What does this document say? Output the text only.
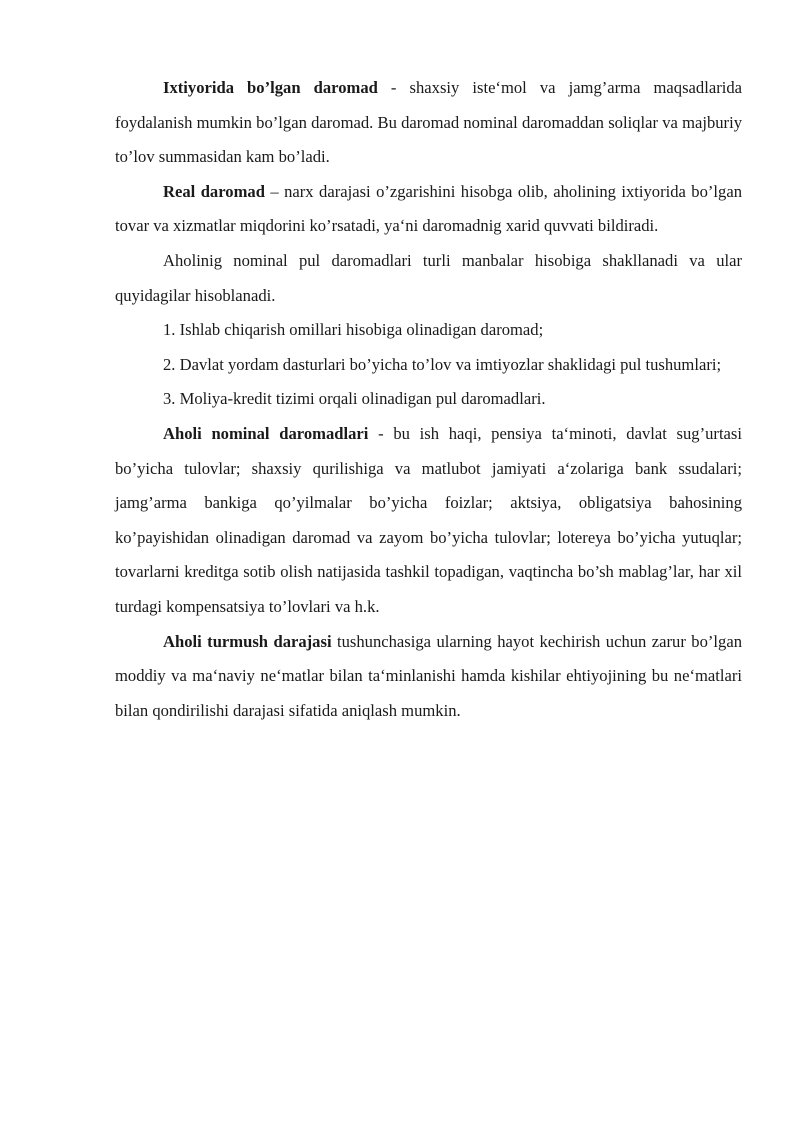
Ixtiyorida bo’lgan daromad - shaxsiy iste‘mol va jamg’arma maqsadlarida foydalanish mumkin bo’lgan daromad. Bu daromad nominal daromaddan soliqlar va majburiy to’lov summasidan kam bo’ladi.

Real daromad – narx darajasi o’zgarishini hisobga olib, aholining ixtiyorida bo’lgan tovar va xizmatlar miqdorini ko’rsatadi, ya‘ni daromadnig xarid quvvati bildiradi.

Aholinig nominal pul daromadlari turli manbalar hisobiga shakllanadi va ular quyidagilar hisoblanadi.

1. Ishlab chiqarish omillari hisobiga olinadigan daromad;

2. Davlat yordam dasturlari bo’yicha to’lov va imtiyozlar shaklidagi pul tushumlari;

3. Moliya-kredit tizimi orqali olinadigan pul daromadlari.

Aholi nominal daromadlari - bu ish haqi, pensiya ta‘minoti, davlat sug’urtasi bo’yicha tulovlar; shaxsiy qurilishiga va matlubot jamiyati a‘zolariga bank ssudalari; jamg’arma bankiga qo’yilmalar bo’yicha foizlar; aktsiya, obligatsiya bahosining ko’payishidan olinadigan daromad va zayom bo’yicha tulovlar; lotereya bo’yicha yutuqlar; tovarlarni kreditga sotib olish natijasida tashkil topadigan, vaqtincha bo’sh mablag’lar, har xil turdagi kompensatsiya to’lovlari va h.k.

Aholi turmush darajasi tushunchasiga ularning hayot kechirish uchun zarur bo’lgan moddiy va ma‘naviy ne‘matlar bilan ta‘minlanishi hamda kishilar ehtiyojining bu ne‘matlari bilan qondirilishi darajasi sifatida aniqlash mumkin.
